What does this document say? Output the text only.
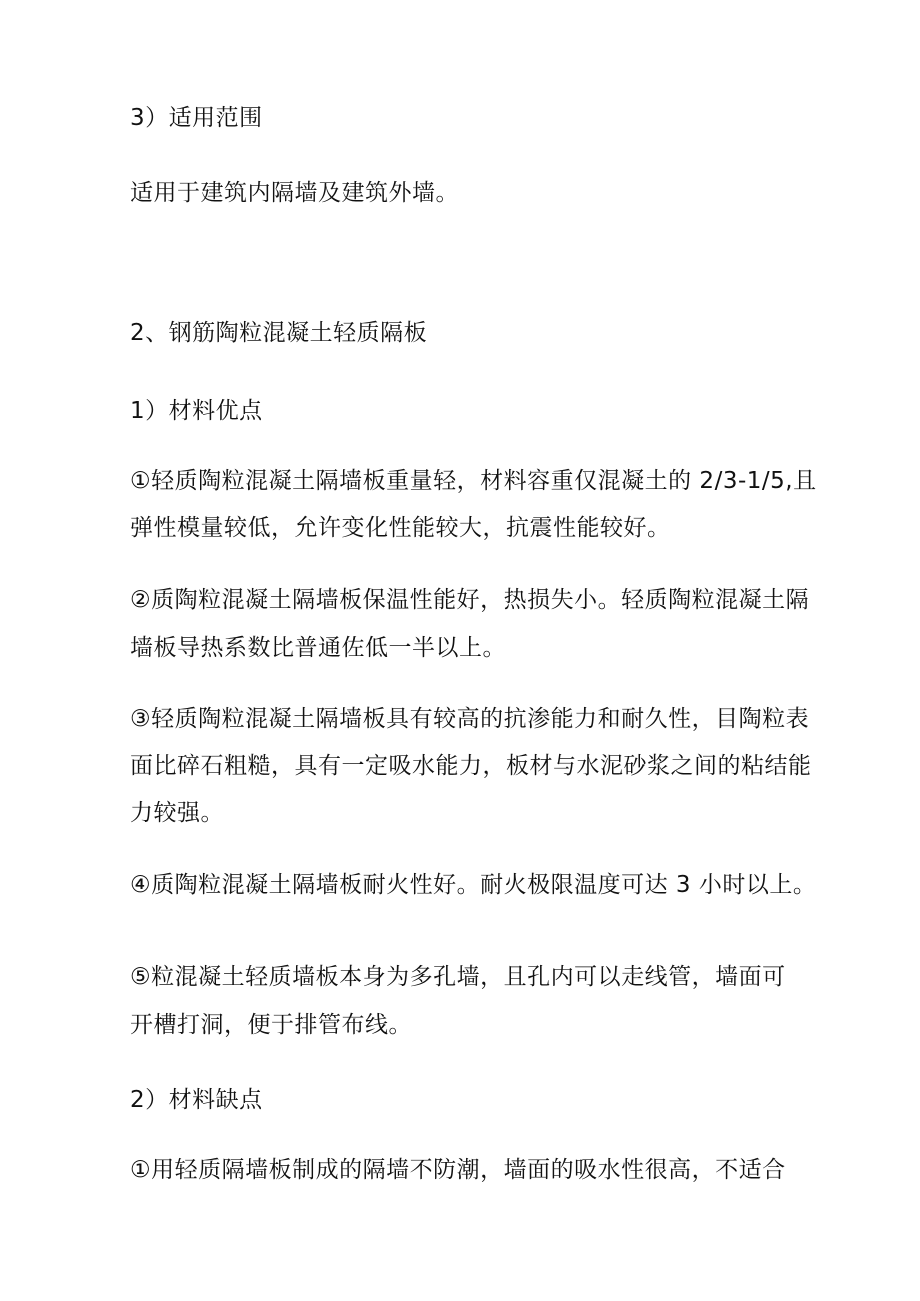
3）适用范围
适用于建筑内隔墙及建筑外墙。
2、钢筋陶粒混凝土轻质隔板
1）材料优点
①轻质陶粒混凝土隔墙板重量轻，材料容重仅混凝土的 2/3-1/5,且
弹性模量较低，允许变化性能较大，抗震性能较好。
②质陶粒混凝土隔墙板保温性能好，热损失小。轻质陶粒混凝土隔
墙板导热系数比普通佐低一半以上。
③轻质陶粒混凝土隔墙板具有较高的抗渗能力和耐久性，目陶粒表
面比碎石粗糙，具有一定吸水能力，板材与水泥砂浆之间的粘结能
力较强。
④质陶粒混凝土隔墙板耐火性好。耐火极限温度可达 3 小时以上。
⑤粒混凝土轻质墙板本身为多孔墙，且孔内可以走线管，墙面可
开槽打洞，便于排管布线。
2）材料缺点
①用轻质隔墙板制成的隔墙不防潮，墙面的吸水性很高，不适合
